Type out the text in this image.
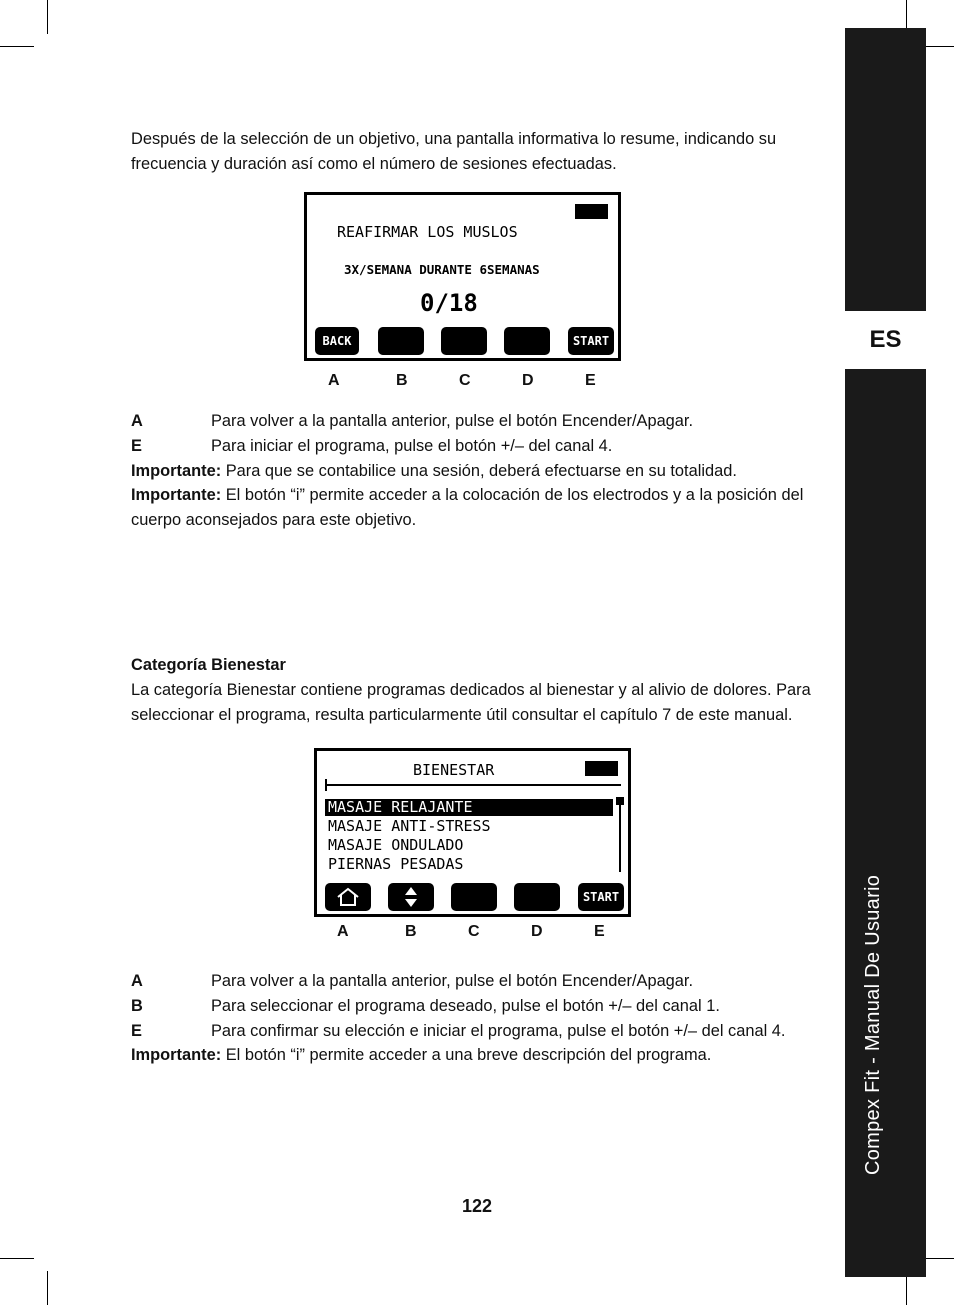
ES
Compex Fit - Manual De Usuario

Después de la selección de un objetivo, una pantalla informativa lo resume, indicando su frecuencia y duración así como el número de sesiones efectuadas.

REAFIRMAR LOS MUSLOS
3X/SEMANA DURANTE 6SEMANAS
0/18
BACK	START
A	B	C	D	E
A	Para volver a la pantalla anterior, pulse el botón Encender/Apagar.
E	Para iniciar el programa, pulse el botón +/– del canal 4.
Importante: Para que se contabilice una sesión, deberá efectuarse en su totalidad.
Importante: El botón “i” permite acceder a la colocación de los electrodos y a la posición del cuerpo aconsejados para este objetivo.
Categoría Bienestar
La categoría Bienestar contiene programas dedicados al bienestar y al alivio de dolores. Para seleccionar el programa, resulta particularmente útil consultar el capítulo 7 de este manual.
BIENESTAR
MASAJE RELAJANTE
MASAJE ANTI-STRESS
MASAJE ONDULADO
PIERNAS PESADAS
START
A	B	C	D	E
A	Para volver a la pantalla anterior, pulse el botón Encender/Apagar.
B	Para seleccionar el programa deseado, pulse el botón +/– del canal 1.
E	Para confirmar su elección e iniciar el programa, pulse el botón +/– del canal 4.
Importante: El botón “i” permite acceder a una breve descripción del programa.
122
